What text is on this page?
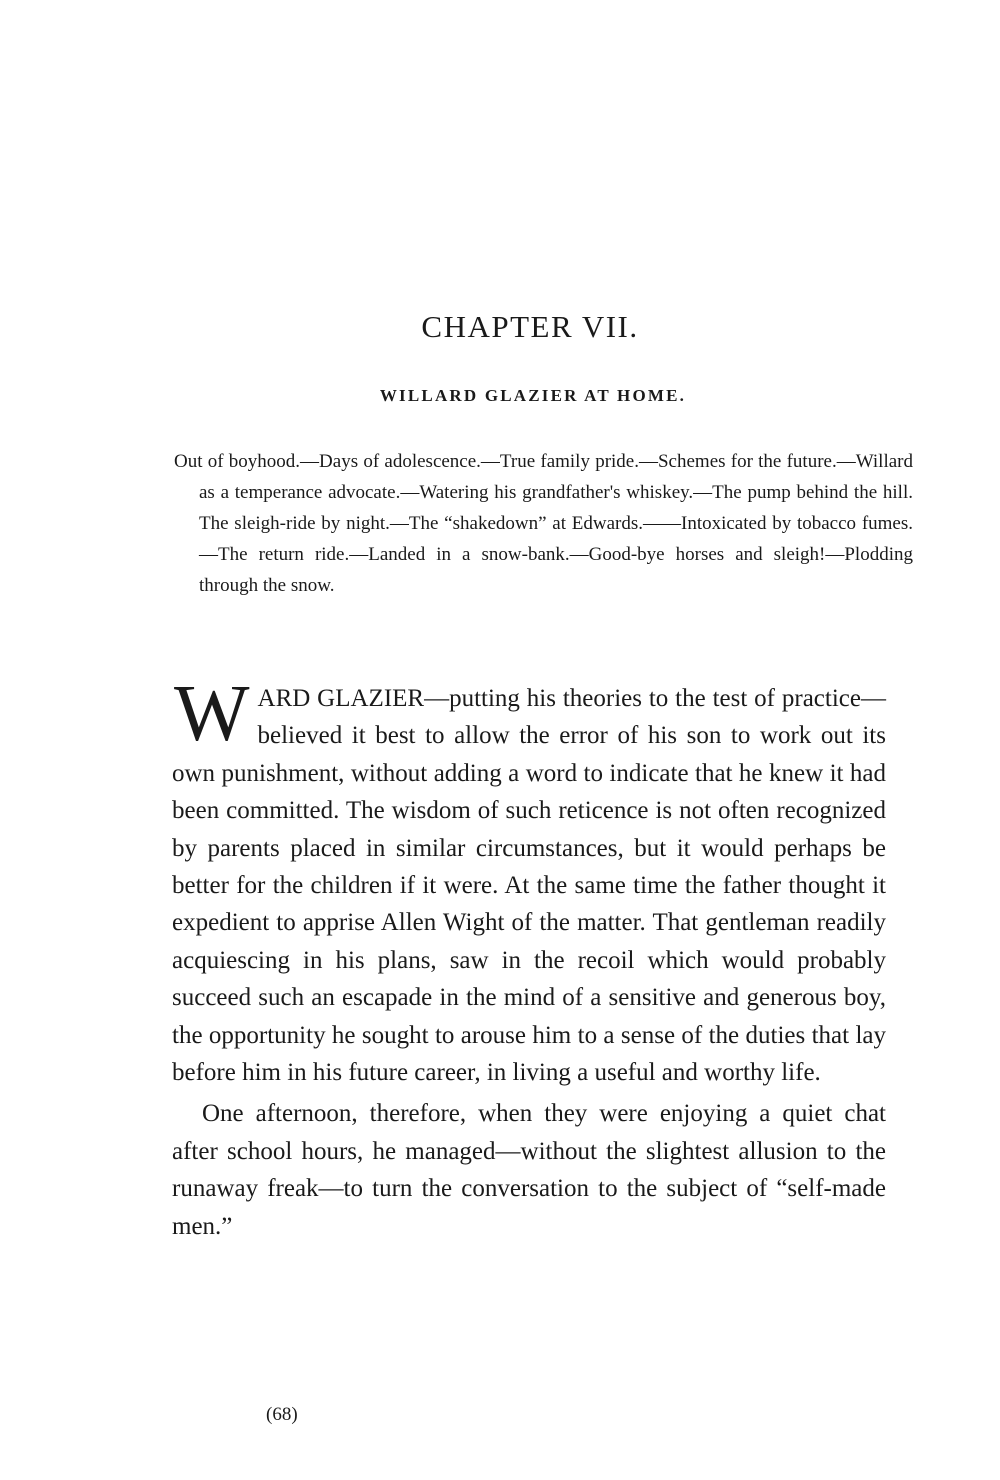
CHAPTER VII.
WILLARD GLAZIER AT HOME.

Out of boyhood.—Days of adolescence.—True family pride.—Schemes for the future.—Willard as a temperance advocate.—Watering his grandfather's whiskey.—The pump behind the hill. The sleigh-ride by night.—The “shakedown” at Edwards.——Intoxicated by tobacco fumes.—The return ride.—Landed in a snow-bank.—Good-bye horses and sleigh!—Plodding through the snow.

WARD GLAZIER—putting his theories to the test of practice—believed it best to allow the error of his son to work out its own punishment, without adding a word to indicate that he knew it had been committed. The wisdom of such reticence is not often recognized by parents placed in similar circumstances, but it would perhaps be better for the children if it were. At the same time the father thought it expedient to apprise Allen Wight of the matter. That gentleman readily acquiescing in his plans, saw in the recoil which would probably succeed such an escapade in the mind of a sensitive and generous boy, the opportunity he sought to arouse him to a sense of the duties that lay before him in his future career, in living a useful and worthy life.

One afternoon, therefore, when they were enjoying a quiet chat after school hours, he managed—without the slightest allusion to the runaway freak—to turn the conversation to the subject of “self-made men.”

(68)
